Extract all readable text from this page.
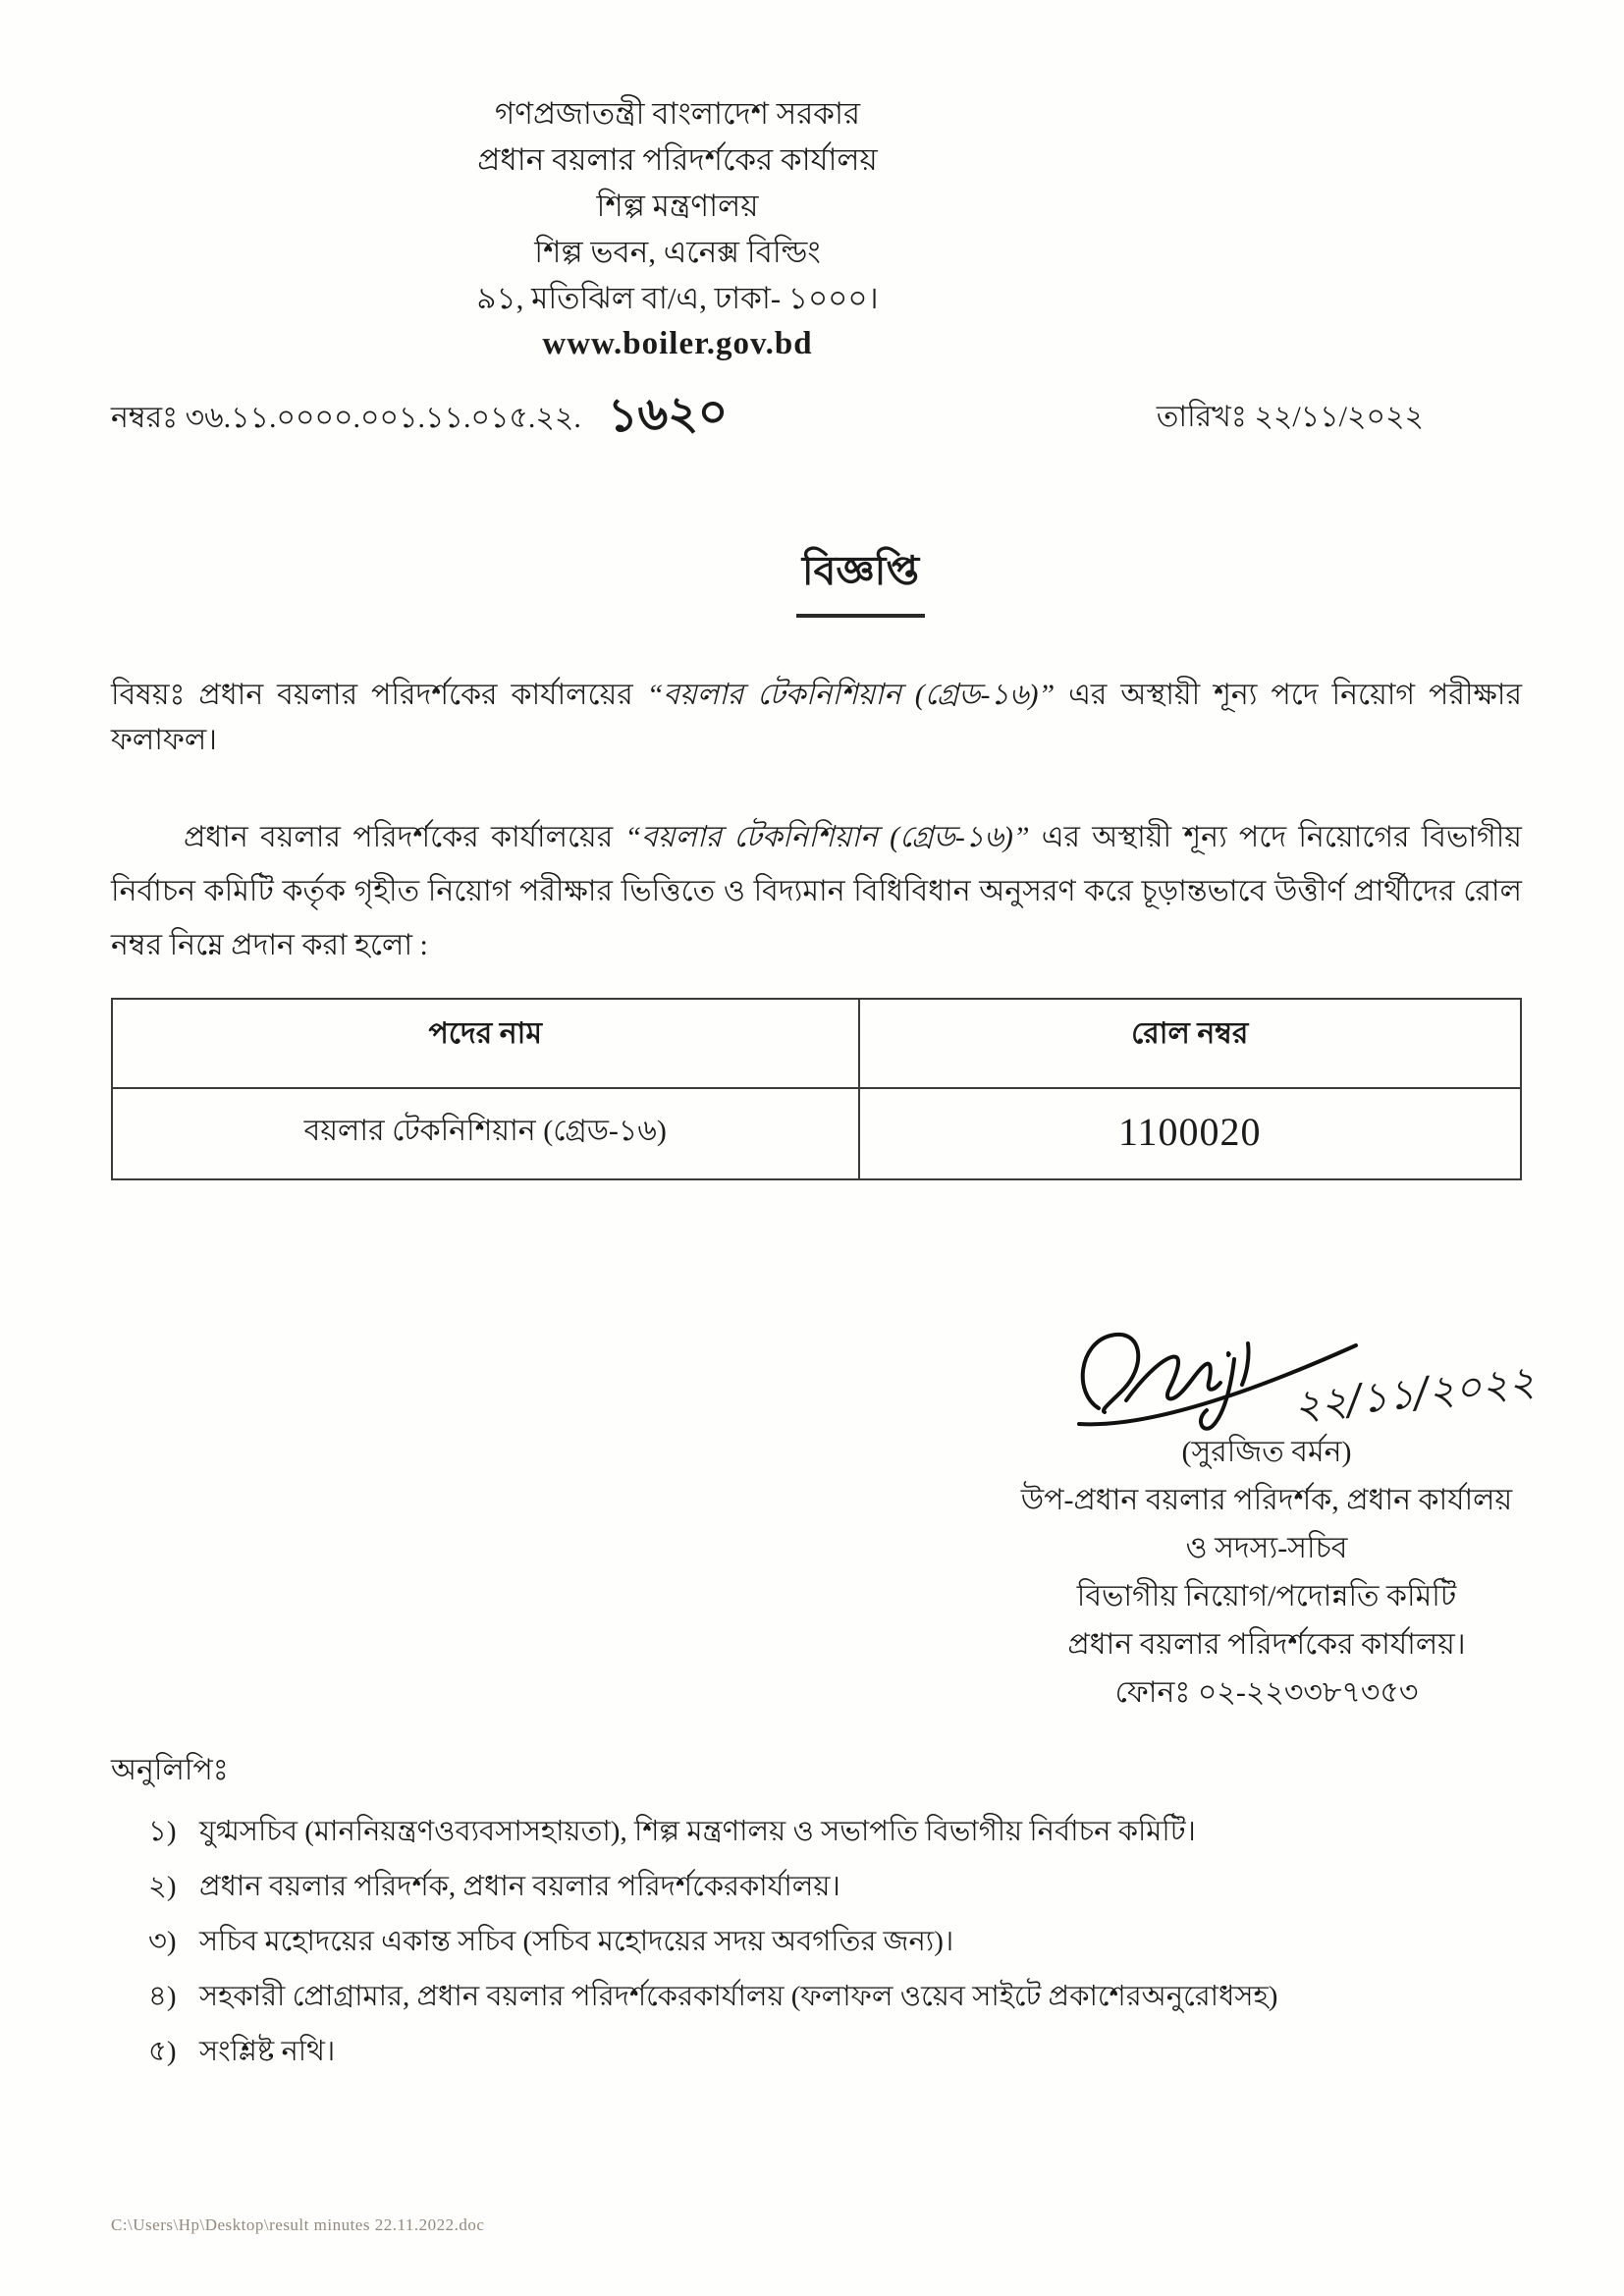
গণপ্রজাতন্ত্রী বাংলাদেশ সরকার
প্রধান বয়লার পরিদর্শকের কার্যালয়
শিল্প মন্ত্রণালয়
শিল্প ভবন, এনেক্স বিল্ডিং
৯১, মতিঝিল বা/এ, ঢাকা- ১০০০।
www.boiler.gov.bd
নম্বরঃ ৩৬.১১.০০০০.০০১.১১.০১৫.২২. ১৬২০	তারিখঃ ২২/১১/২০২২
বিজ্ঞপ্তি
বিষয়ঃ প্রধান বয়লার পরিদর্শকের কার্যালয়ের “বয়লার টেকনিশিয়ান (গ্রেড-১৬)” এর অস্থায়ী শূন্য পদে নিয়োগ পরীক্ষার ফলাফল।
প্রধান বয়লার পরিদর্শকের কার্যালয়ের “বয়লার টেকনিশিয়ান (গ্রেড-১৬)” এর অস্থায়ী শূন্য পদে নিয়োগের বিভাগীয় নির্বাচন কমিটি কর্তৃক গৃহীত নিয়োগ পরীক্ষার ভিত্তিতে ও বিদ্যমান বিধিবিধান অনুসরণ করে চূড়ান্তভাবে উত্তীর্ণ প্রার্থীদের রোল নম্বর নিম্নে প্রদান করা হলো :
পদের নাম	রোল নম্বর
বয়লার টেকনিশিয়ান (গ্রেড-১৬)	1100020
২২/১১/২০২২
(সুরজিত বর্মন)
উপ-প্রধান বয়লার পরিদর্শক, প্রধান কার্যালয়
ও সদস্য-সচিব
বিভাগীয় নিয়োগ/পদোন্নতি কমিটি
প্রধান বয়লার পরিদর্শকের কার্যালয়।
ফোনঃ ০২-২২৩৩৮৭৩৫৩
অনুলিপিঃ
১) যুগ্মসচিব (মাননিয়ন্ত্রণওব্যবসাসহায়তা), শিল্প মন্ত্রণালয় ও সভাপতি বিভাগীয় নির্বাচন কমিটি।
২) প্রধান বয়লার পরিদর্শক, প্রধান বয়লার পরিদর্শকেরকার্যালয়।
৩) সচিব মহোদয়ের একান্ত সচিব (সচিব মহোদয়ের সদয় অবগতির জন্য)।
৪) সহকারী প্রোগ্রামার, প্রধান বয়লার পরিদর্শকেরকার্যালয় (ফলাফল ওয়েব সাইটে প্রকাশেরঅনুরোধসহ)
৫) সংশ্লিষ্ট নথি।
C:\Users\Hp\Desktop\result minutes 22.11.2022.doc
